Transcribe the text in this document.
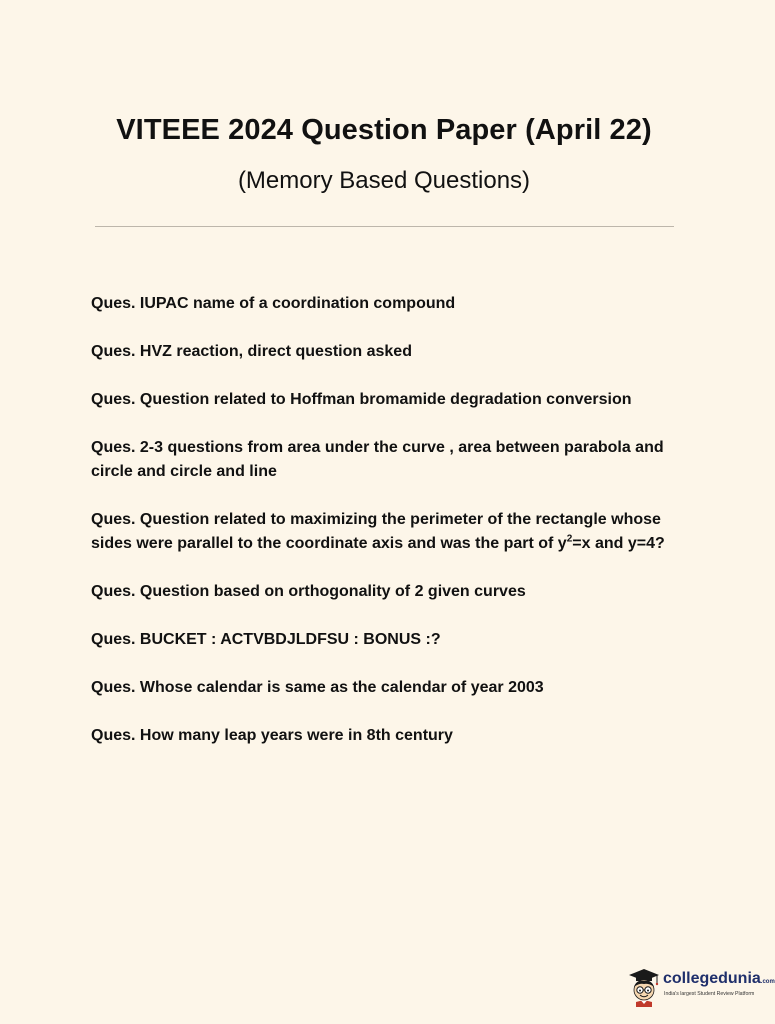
VITEEE 2024 Question Paper (April 22)

(Memory Based Questions)

Ques. IUPAC name of a coordination compound
Ques. HVZ reaction, direct question asked
Ques. Question related to Hoffman bromamide degradation conversion
Ques. 2-3 questions from area under the curve , area between parabola and circle and circle and line
Ques. Question related to maximizing the perimeter of the rectangle whose sides were parallel to the coordinate axis and was the part of $y^2=x$ and y=4?
Ques. Question based on orthogonality of 2 given curves
Ques. BUCKET : ACTVBDJLDFSU : BONUS :?
Ques. Whose calendar is same as the calendar of year 2003
Ques. How many leap years were in 8th century
collegedunia.com
India's largest Student Review Platform
